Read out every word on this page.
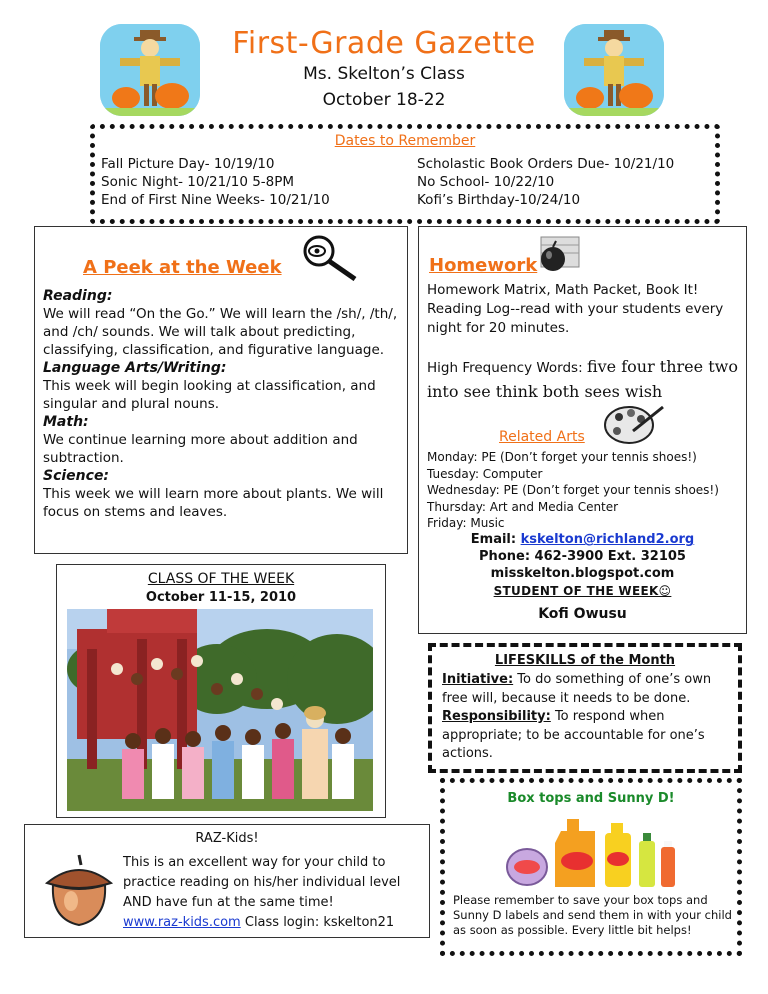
First-Grade Gazette
Ms. Skelton’s Class
October 18-22
Dates to Remember
Fall Picture Day- 10/19/10
Sonic Night- 10/21/10 5-8PM
End of First Nine Weeks- 10/21/10
Scholastic Book Orders Due- 10/21/10
No School- 10/22/10
Kofi’s Birthday-10/24/10
A Peek at the Week
Reading:
We will read “On the Go.” We will learn the /sh/, /th/, and /ch/ sounds. We will talk about predicting, classifying, classification, and figurative language.
Language Arts/Writing:
This week will begin looking at classification, and singular and plural nouns.
Math:
We continue learning more about addition and subtraction.
Science:
This week we will learn more about plants. We will focus on stems and leaves.
Homework
Homework Matrix, Math Packet, Book It! Reading Log--read with your students every night for 20 minutes.
High Frequency Words: five four three two into see think both sees wish
Related Arts
Monday: PE (Don’t forget your tennis shoes!)
Tuesday: Computer
Wednesday: PE (Don’t forget your tennis shoes!)
Thursday: Art and Media Center
Friday: Music
Email: kskelton@richland2.org
Phone: 462-3900 Ext. 32105
misskelton.blogspot.com
STUDENT OF THE WEEK☺
Kofi Owusu
CLASS OF THE WEEK
October 11-15, 2010
LIFESKILLS of the Month
Initiative: To do something of one’s own free will, because it needs to be done.
Responsibility: To respond when appropriate; to be accountable for one’s actions.
Box tops and Sunny D!
Please remember to save your box tops and Sunny D labels and send them in with your child as soon as possible. Every little bit helps!
RAZ-Kids!
This is an excellent way for your child to practice reading on his/her individual level AND have fun at the same time!
www.raz-kids.com Class login: kskelton21
